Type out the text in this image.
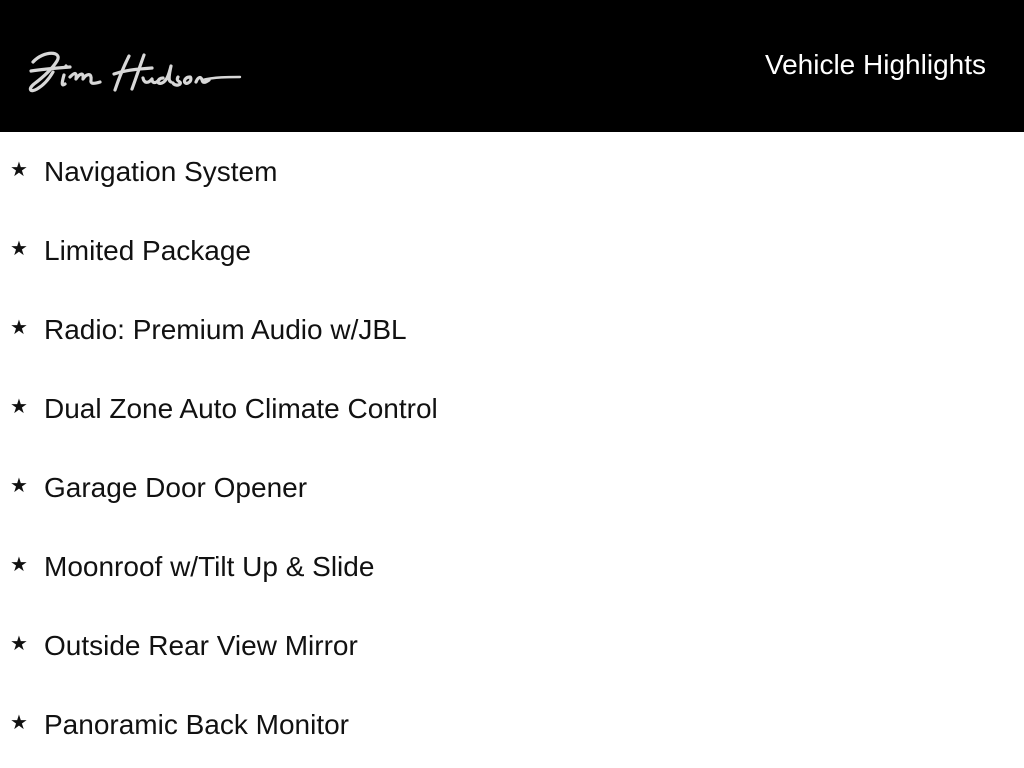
Vehicle Highlights
★ Navigation System
★ Limited Package
★ Radio: Premium Audio w/JBL
★ Dual Zone Auto Climate Control
★ Garage Door Opener
★ Moonroof w/Tilt Up & Slide
★ Outside Rear View Mirror
★ Panoramic Back Monitor
